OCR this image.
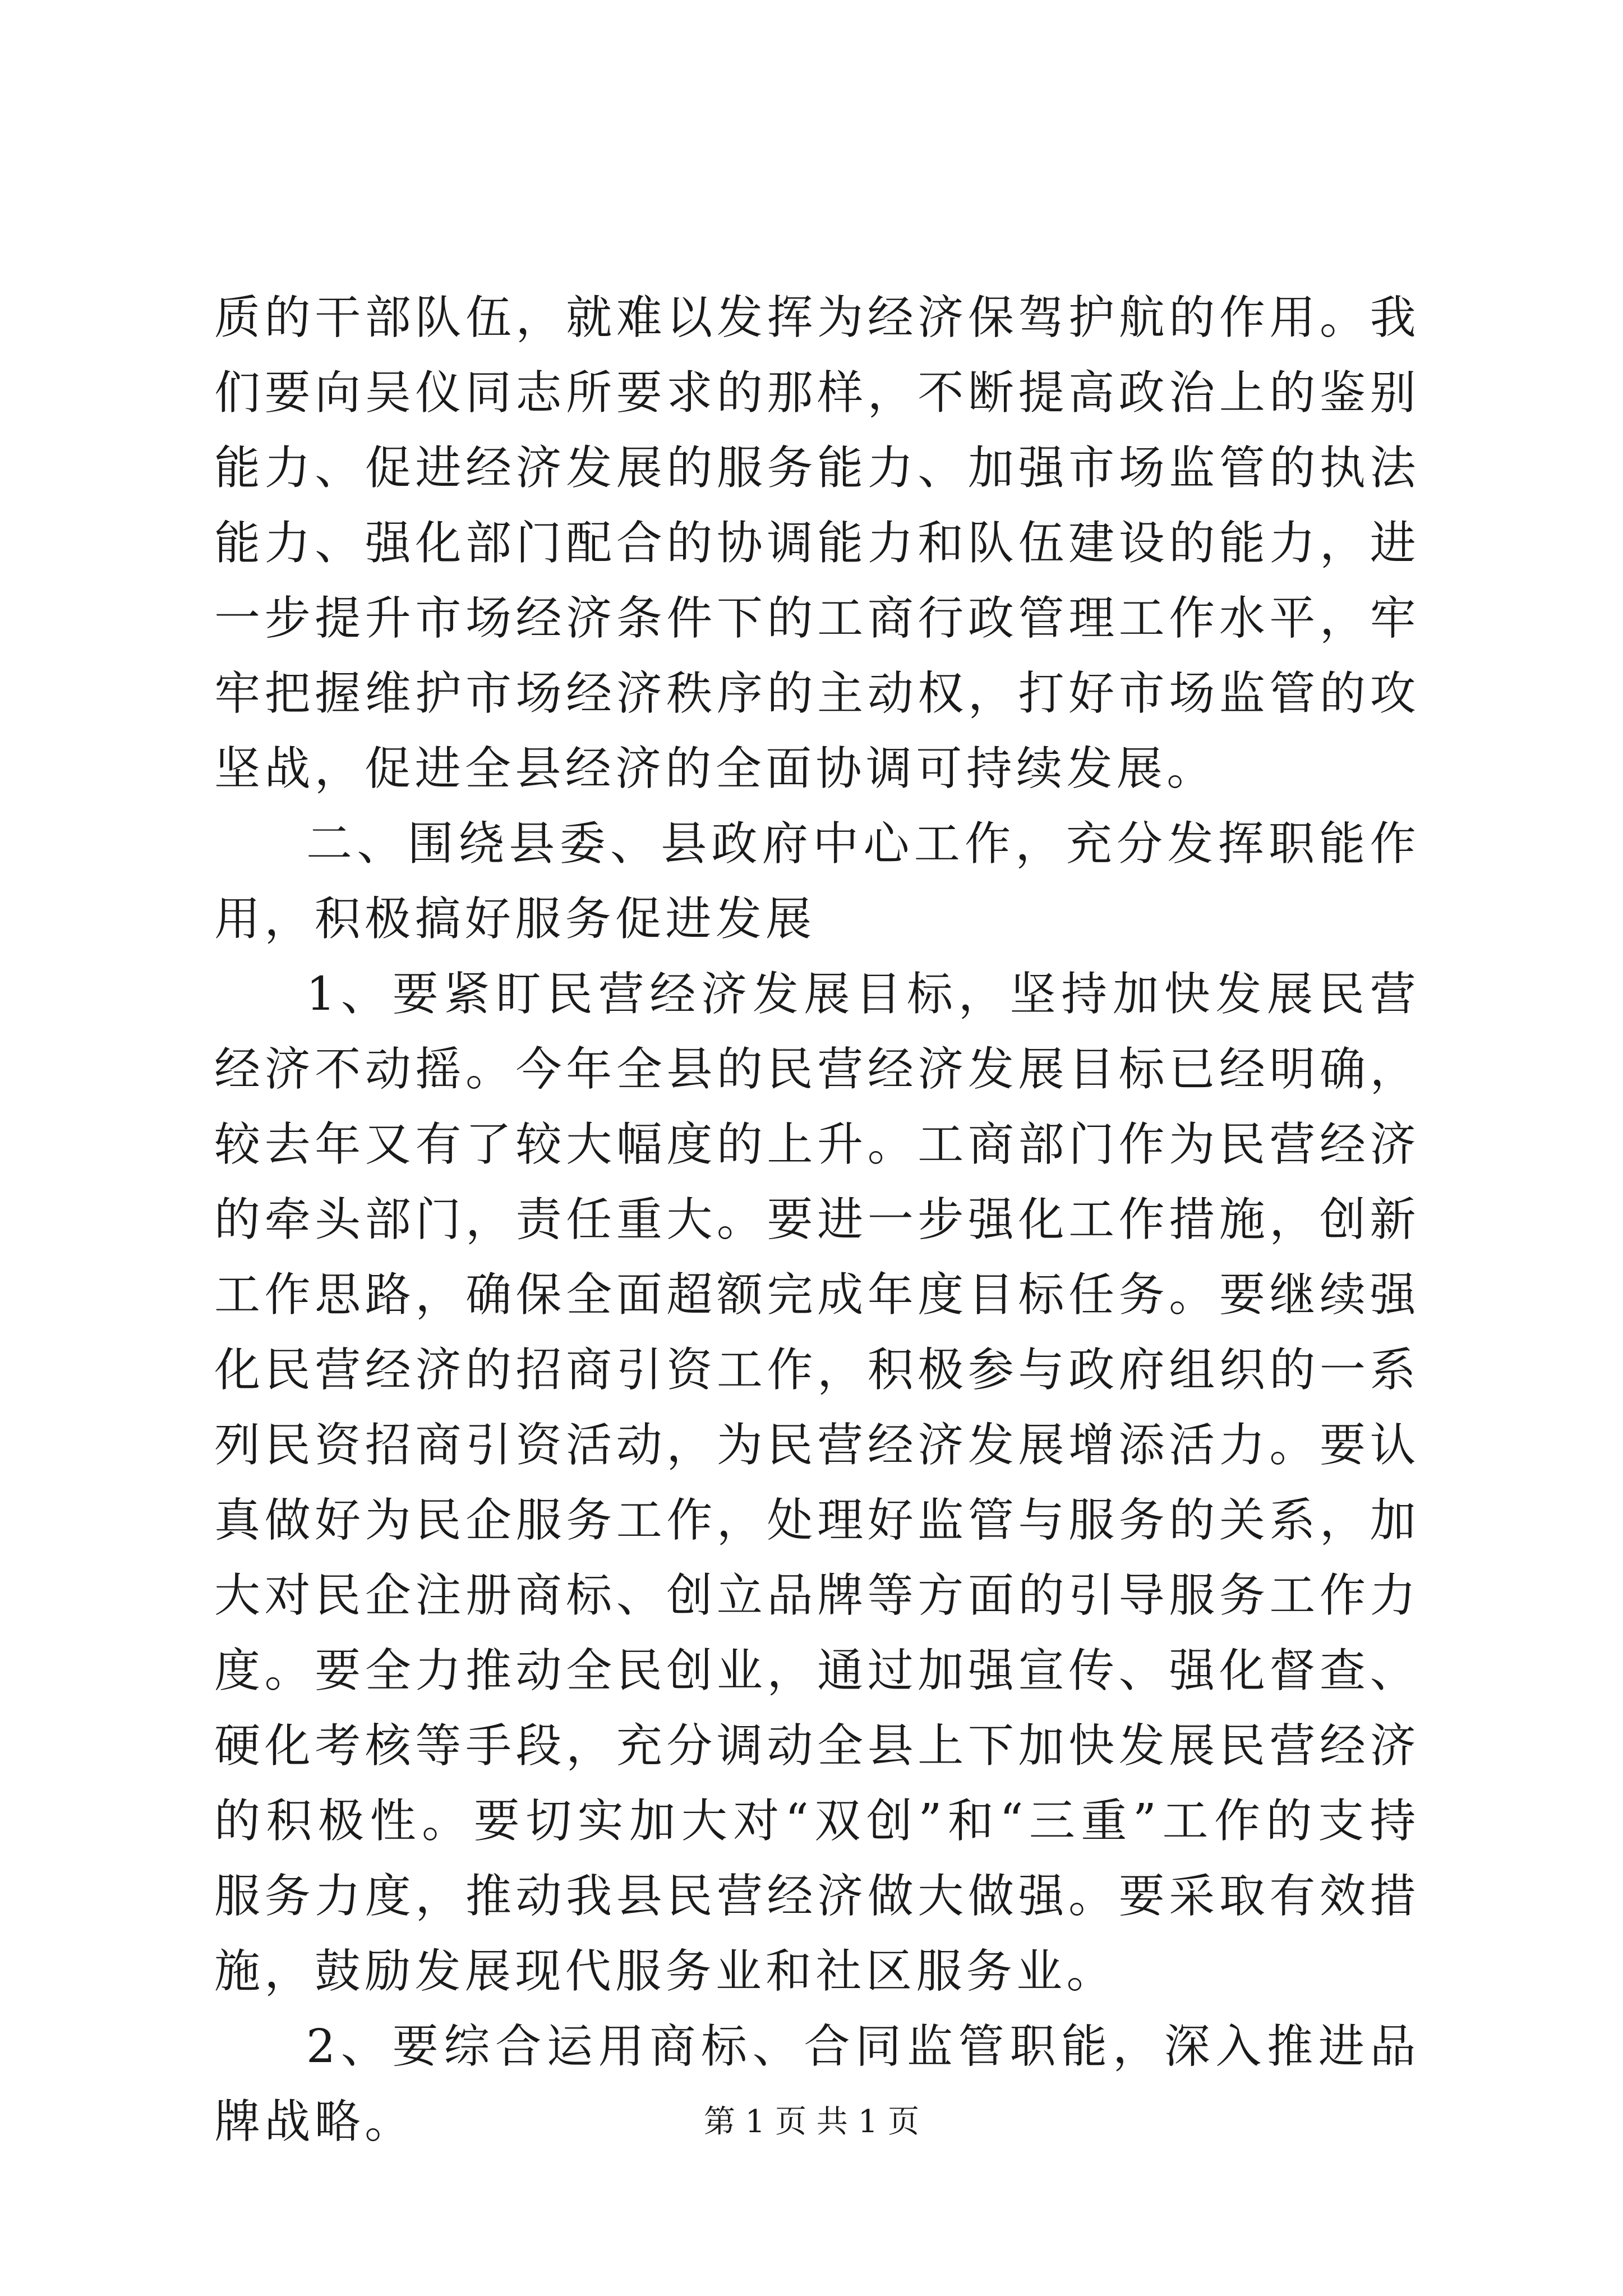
质的干部队伍，就难以发挥为经济保驾护航的作用。我们要向吴仪同志所要求的那样，不断提高政治上的鉴别能力、促进经济发展的服务能力、加强市场监管的执法能力、强化部门配合的协调能力和队伍建设的能力，进一步提升市场经济条件下的工商行政管理工作水平，牢牢把握维护市场经济秩序的主动权，打好市场监管的攻坚战，促进全县经济的全面协调可持续发展。

二、围绕县委、县政府中心工作，充分发挥职能作用，积极搞好服务促进发展

1、要紧盯民营经济发展目标，坚持加快发展民营经济不动摇。今年全县的民营经济发展目标已经明确，较去年又有了较大幅度的上升。工商部门作为民营经济的牵头部门，责任重大。要进一步强化工作措施，创新工作思路，确保全面超额完成年度目标任务。要继续强化民营经济的招商引资工作，积极参与政府组织的一系列民资招商引资活动，为民营经济发展增添活力。要认真做好为民企服务工作，处理好监管与服务的关系，加大对民企注册商标、创立品牌等方面的引导服务工作力度。要全力推动全民创业，通过加强宣传、强化督查、硬化考核等手段，充分调动全县上下加快发展民营经济的积极性。要切实加大对“双创”和“三重”工作的支持服务力度，推动我县民营经济做大做强。要采取有效措施，鼓励发展现代服务业和社区服务业。

2、要综合运用商标、合同监管职能，深入推进品牌战略。	第 1 页 共 1 页
